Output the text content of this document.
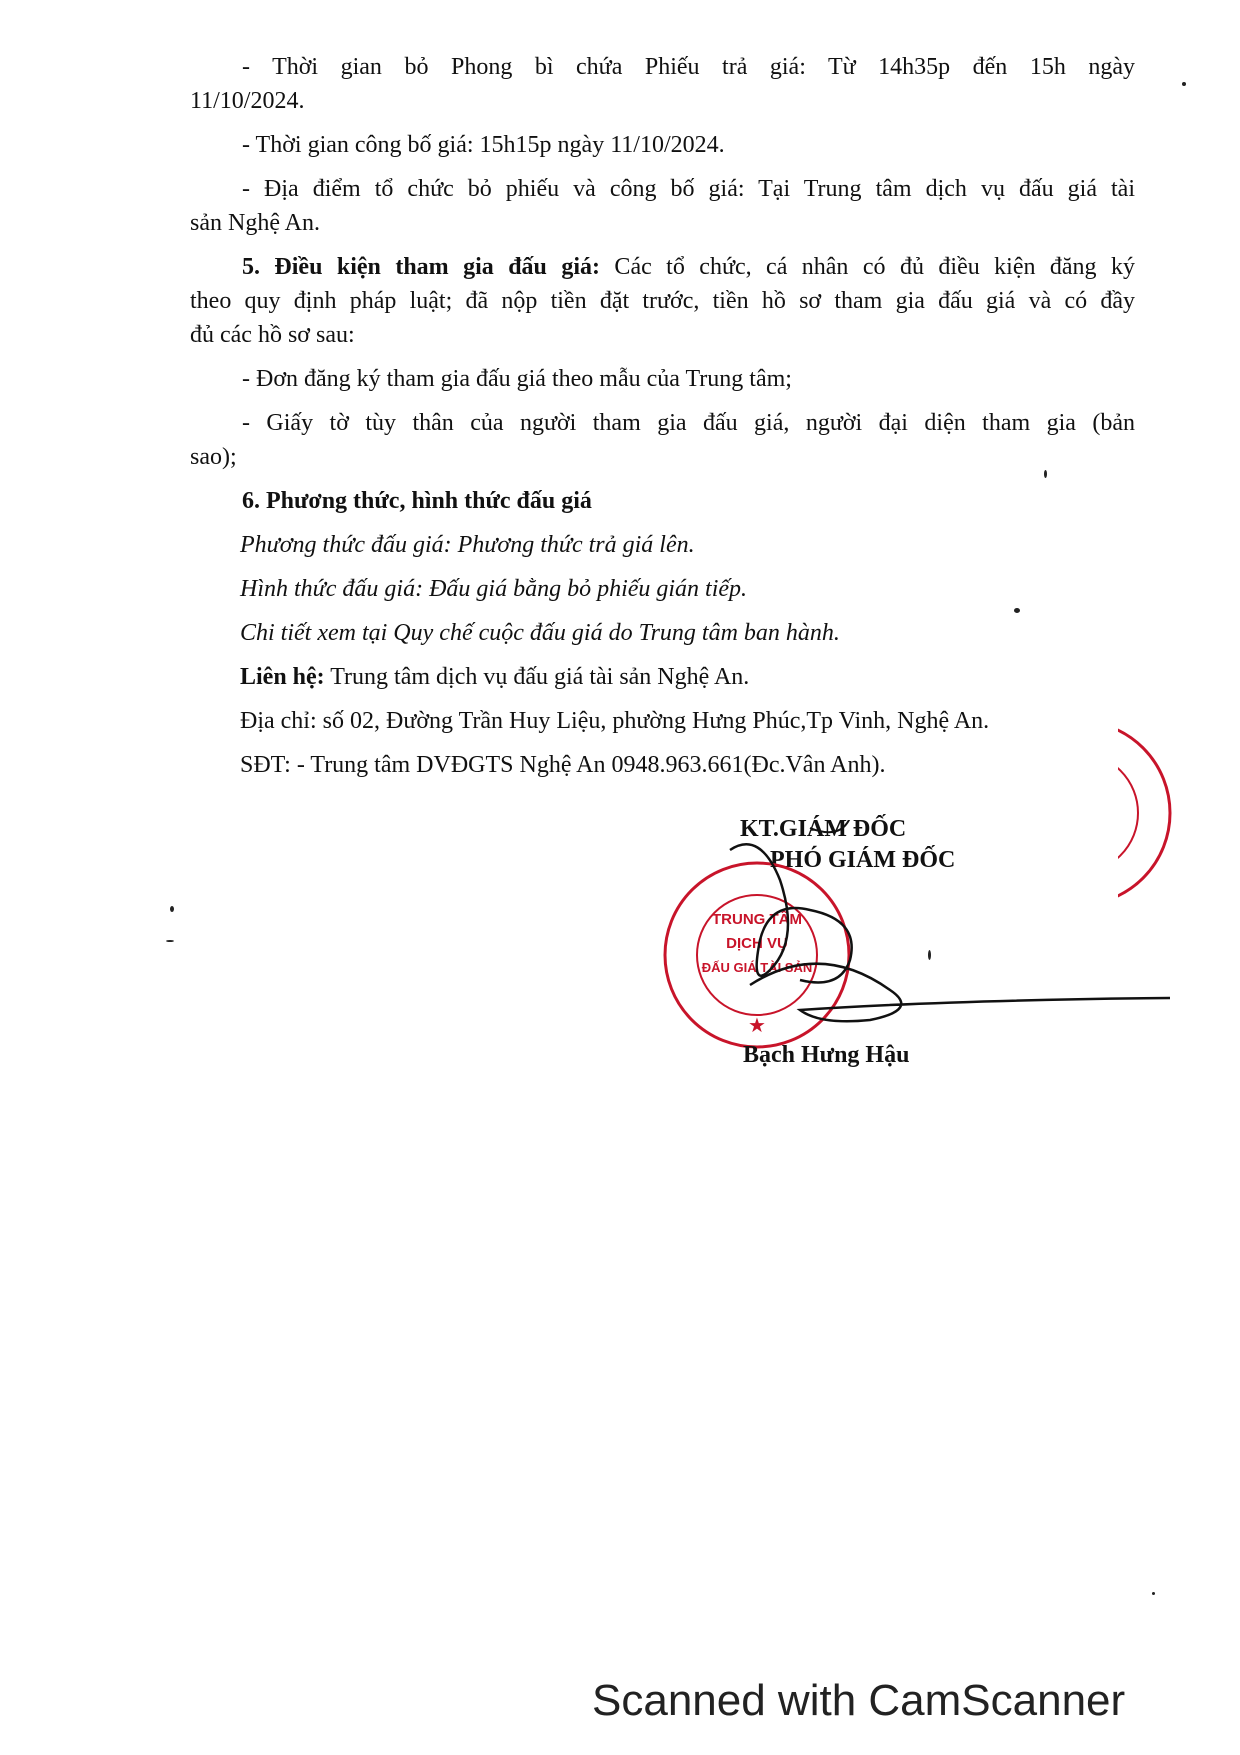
- Thời gian bỏ Phong bì chứa Phiếu trả giá: Từ 14h35p đến 15h ngày
11/10/2024.
- Thời gian công bố giá: 15h15p ngày 11/10/2024.
- Địa điểm tổ chức bỏ phiếu và công bố giá: Tại Trung tâm dịch vụ đấu giá tài
sản Nghệ An.
5. Điều kiện tham gia đấu giá: Các tổ chức, cá nhân có đủ điều kiện đăng ký
theo quy định pháp luật; đã nộp tiền đặt trước, tiền hồ sơ tham gia đấu giá và có đầy
đủ các hồ sơ sau:
- Đơn đăng ký tham gia đấu giá theo mẫu của Trung tâm;
- Giấy tờ tùy thân của người tham gia đấu giá, người đại diện tham gia (bản
sao);
6. Phương thức, hình thức đấu giá
Phương thức đấu giá: Phương thức trả giá lên.
Hình thức đấu giá: Đấu giá bằng bỏ phiếu gián tiếp.
Chi tiết xem tại Quy chế cuộc đấu giá do Trung tâm ban hành.
Liên hệ: Trung tâm dịch vụ đấu giá tài sản Nghệ An.
Địa chỉ: số 02, Đường Trần Huy Liệu, phường Hưng Phúc,Tp Vinh, Nghệ An.
SĐT: - Trung tâm DVĐGTS Nghệ An 0948.963.661(Đc.Vân Anh).
KT.GIÁM ĐỐC
PHÓ GIÁM ĐỐC
★
TRUNG TÂM
DỊCH VỤ
ĐẤU GIÁ TÀI SẢN
Bạch Hưng Hậu
Scanned with CamScanner
